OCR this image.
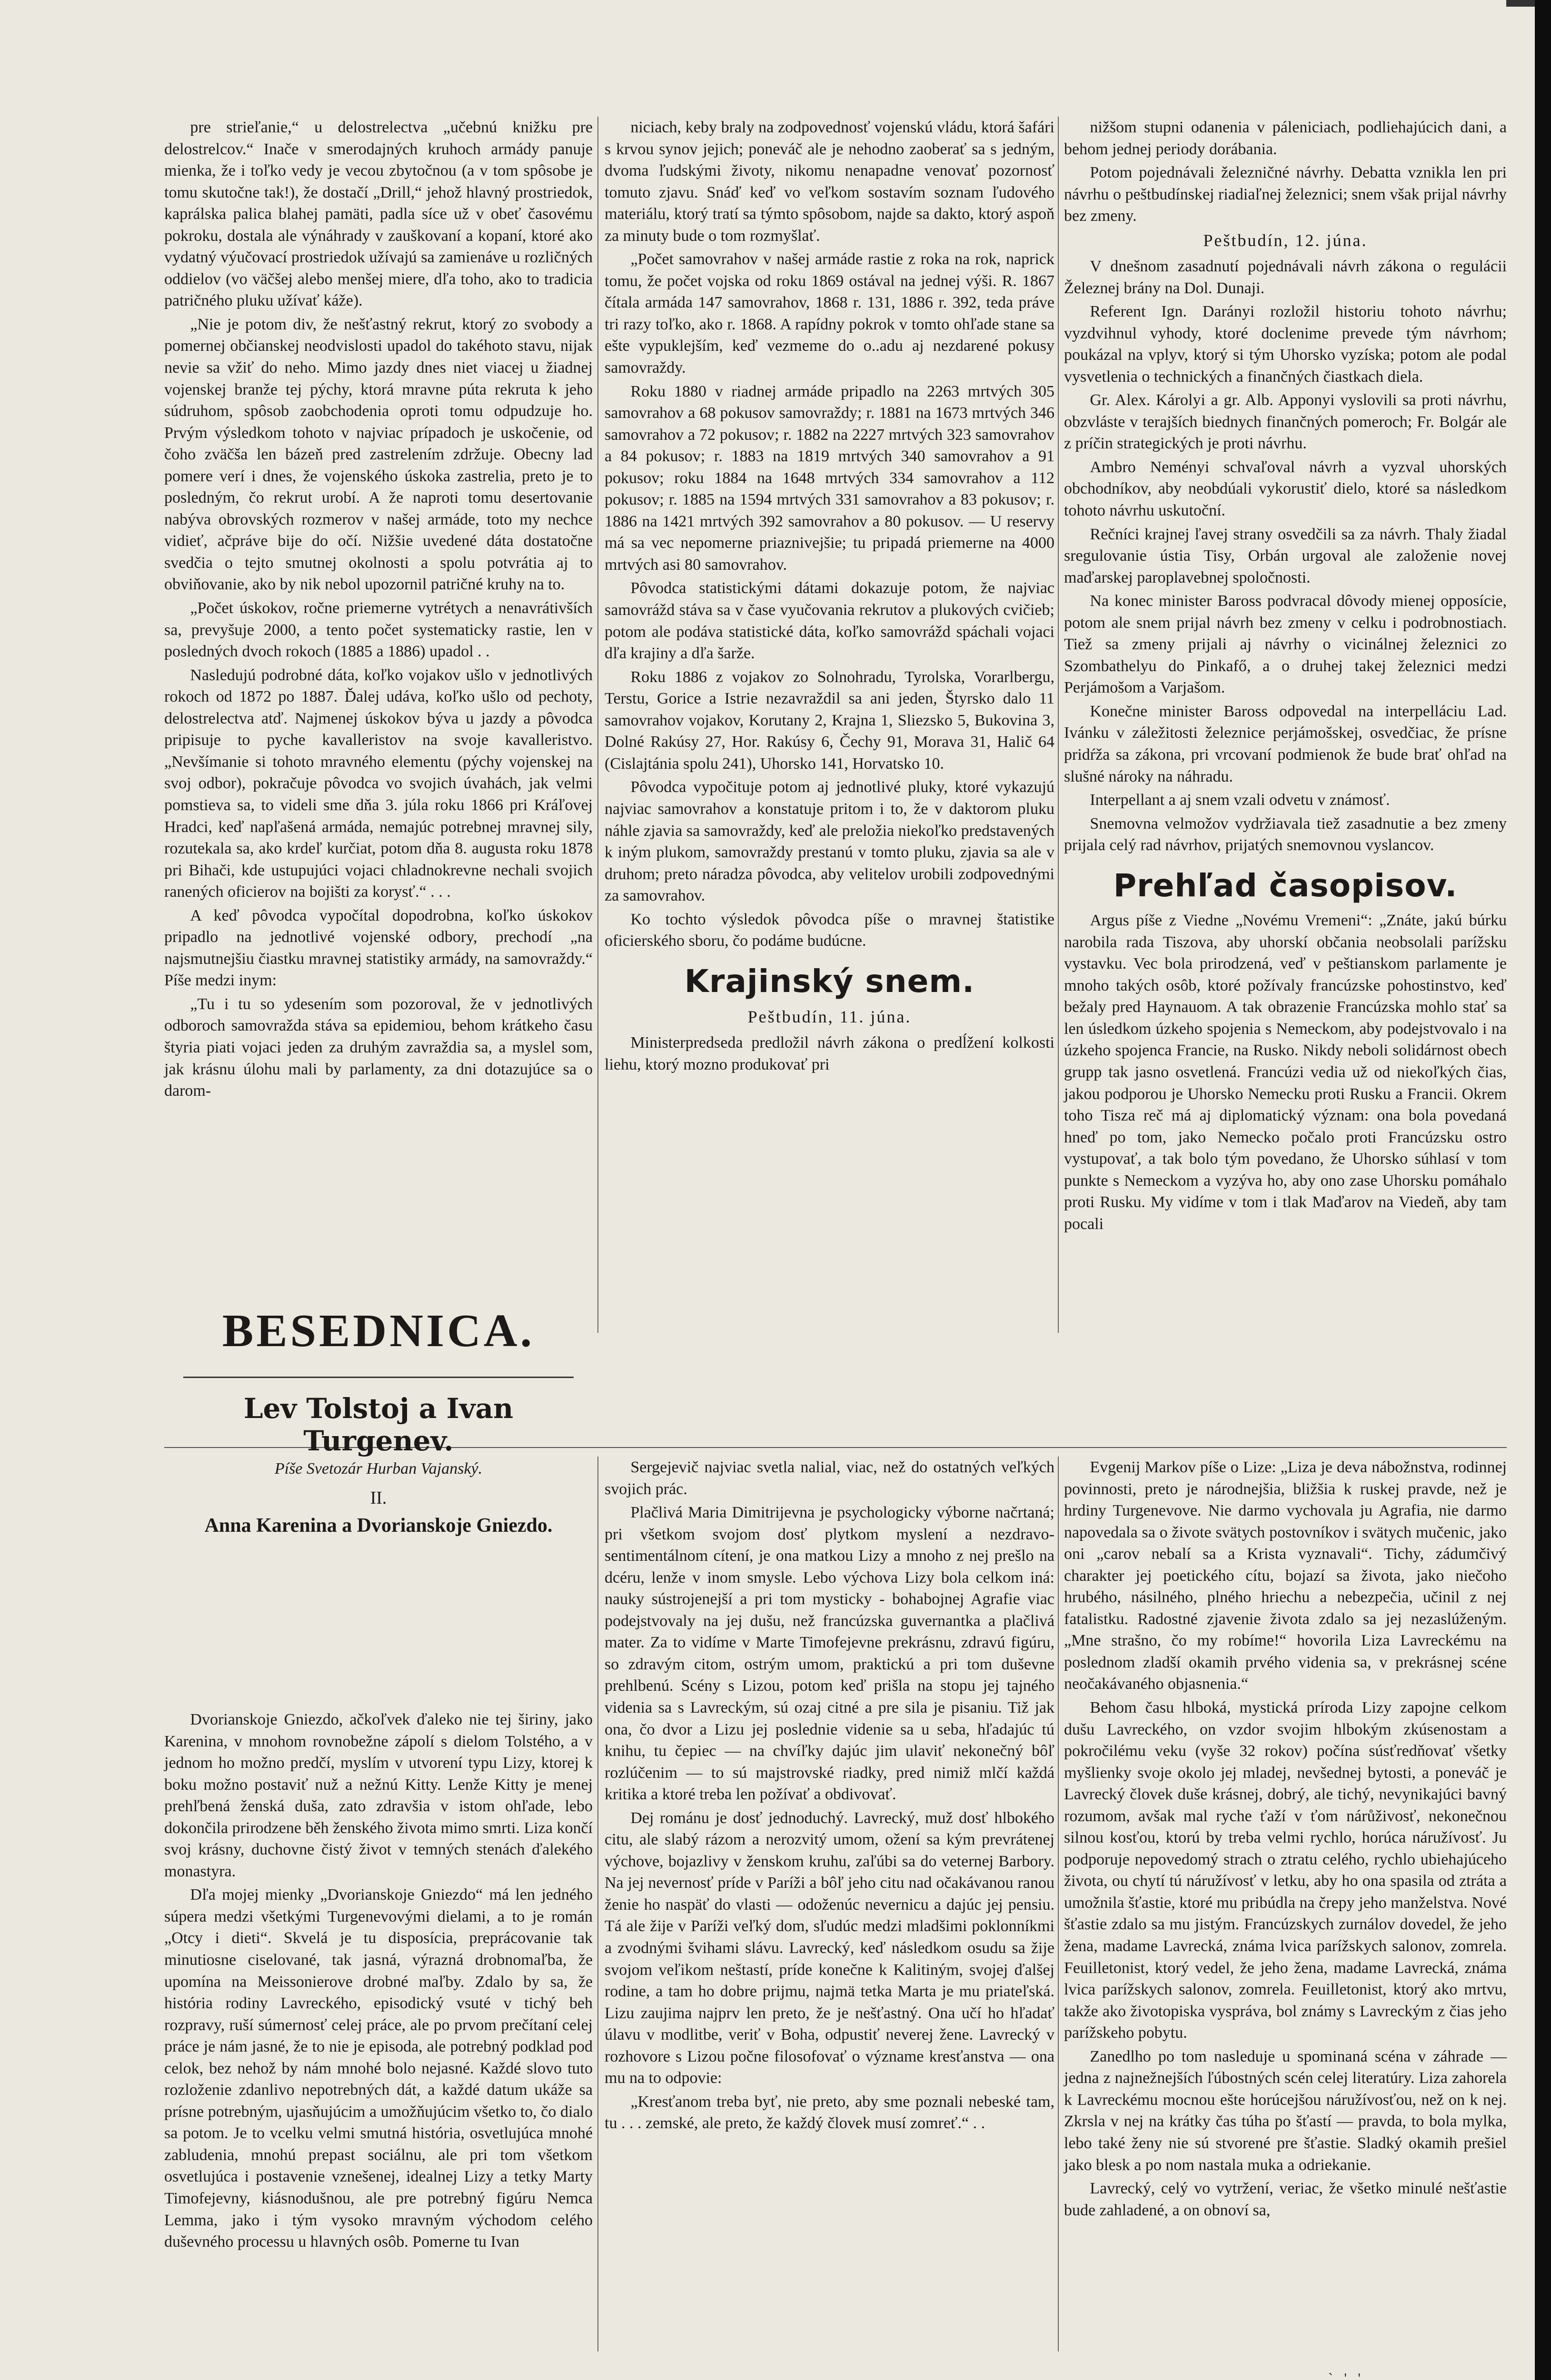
pre strieľanie,“ u delostrelectva „učebnú knižku pre delostrelcov.“ Inače v smerodajných kruhoch armády panuje mienka, že i toľko vedy je vecou zbytočnou (a v tom spôsobe je tomu skutočne tak!), že dostačí „Drill,“ jehož hlavný prostriedok, kaprálska palica blahej pamäti, padla síce už v obeť časovému pokroku, dostala ale výnáhrady v zauškovaní a kopaní, ktoré ako vydatný výučovací prostriedok užívajú sa zamienáve u rozličných oddielov (vo väčšej alebo menšej miere, dľa toho, ako to tradicia patričného pluku užívať káže).

„Nie je potom div, že nešťastný rekrut, ktorý zo svobody a pomernej občianskej neodvislosti upadol do takéhoto stavu, nijak nevie sa vžiť do neho. Mimo jazdy dnes niet viacej u žiadnej vojenskej branže tej pýchy, ktorá mravne púta rekruta k jeho súdruhom, spôsob zaobchodenia oproti tomu odpudzuje ho. Prvým výsledkom tohoto v najviac prípadoch je uskočenie, od čoho zväčša len bázeň pred zastrelením zdržuje. Obecny lad pomere verí i dnes, že vojenského úskoka zastrelia, preto je to posledným, čo rekrut urobí. A že naproti tomu desertovanie nabýva obrovských rozmerov v našej armáde, toto my nechce vidieť, ačpráve bije do očí. Nižšie uvedené dáta dostatočne svedčia o tejto smutnej okolnosti a spolu potvrátia aj to obviňovanie, ako by nik nebol upozornil patričné kruhy na to.

„Počet úskokov, ročne priemerne vytrétych a nenavrátivších sa, prevyšuje 2000, a tento počet systematicky rastie, len v posledných dvoch rokoch (1885 a 1886) upadol . .

Nasledujú podrobné dáta, koľko vojakov ušlo v jednotlivých rokoch od 1872 po 1887. Ďalej udáva, koľko ušlo od pechoty, delostrelectva atď. Najmenej úskokov býva u jazdy a pôvodca pripisuje to pyche kavalleristov na svoje kavalleristvo. „Nevšímanie si tohoto mravného elementu (pýchy vojenskej na svoj odbor), pokračuje pôvodca vo svojich úvahách, jak velmi pomstieva sa, to videli sme dňa 3. júla roku 1866 pri Kráľovej Hradci, keď napľašená armáda, nemajúc potrebnej mravnej sily, rozutekala sa, ako krdeľ kurčiat, potom dňa 8. augusta roku 1878 pri Bihači, kde ustupujúci vojaci chladnokrevne nechali svojich ranených oficierov na bojišti za korysť.“ . . .

A keď pôvodca vypočítal dopodrobna, koľko úskokov pripadlo na jednotlivé vojenské odbory, prechodí „na najsmutnejšiu čiastku mravnej statistiky armády, na samovraždy.“ Píše medzi inym:

„Tu i tu so ydesením som pozoroval, že v jednotlivých odboroch samovražda stáva sa epidemiou, behom krátkeho času štyria piati vojaci jeden za druhým zavraždia sa, a myslel som, jak krásnu úlohu mali by parlamenty, za dni dotazujúce sa o darom-

niciach, keby braly na zodpovednosť vojenskú vládu, ktorá šafári s krvou synov jejich; poneváč ale je nehodno zaoberať sa s jedným, dvoma ľudskými životy, nikomu nenapadne venovať pozornosť tomuto zjavu. Snáď keď vo veľkom sostavím soznam ľudového materiálu, ktorý tratí sa týmto spôsobom, najde sa dakto, ktorý aspoň za minuty bude o tom rozmyšlať.

„Počet samovrahov v našej armáde rastie z roka na rok, naprick tomu, že počet vojska od roku 1869 ostával na jednej výši. R. 1867 čítala armáda 147 samovrahov, 1868 r. 131, 1886 r. 392, teda práve tri razy toľko, ako r. 1868. A rapídny pokrok v tomto ohľade stane sa ešte vypuklejším, keď vezmeme do o..adu aj nezdarené pokusy samovraždy.

Roku 1880 v riadnej armáde pripadlo na 2263 mrtvých 305 samovrahov a 68 pokusov samovraždy; r. 1881 na 1673 mrtvých 346 samovrahov a 72 pokusov; r. 1882 na 2227 mrtvých 323 samovrahov a 84 pokusov; r. 1883 na 1819 mrtvých 340 samovrahov a 91 pokusov; roku 1884 na 1648 mrtvých 334 samovrahov a 112 pokusov; r. 1885 na 1594 mrtvých 331 samovrahov a 83 pokusov; r. 1886 na 1421 mrtvých 392 samovrahov a 80 pokusov. — U reservy má sa vec nepomerne priaznivejšie; tu pripadá priemerne na 4000 mrtvých asi 80 samovrahov.

Pôvodca statistickými dátami dokazuje potom, že najviac samovrážd stáva sa v čase vyučovania rekrutov a plukových cvičieb; potom ale podáva statistické dáta, koľko samovrážd spáchali vojaci dľa krajiny a dľa šarže.

Roku 1886 z vojakov zo Solnohradu, Tyrolska, Vorarlbergu, Terstu, Gorice a Istrie nezavraždil sa ani jeden, Štyrsko dalo 11 samovrahov vojakov, Korutany 2, Krajna 1, Sliezsko 5, Bukovina 3, Dolné Rakúsy 27, Hor. Rakúsy 6, Čechy 91, Morava 31, Halič 64 (Cislajtánia spolu 241), Uhorsko 141, Horvatsko 10.

Pôvodca vypočituje potom aj jednotlivé pluky, ktoré vykazujú najviac samovrahov a konstatuje pritom i to, že v daktorom pluku náhle zjavia sa samovraždy, keď ale preložia niekoľko predstavených k iným plukom, samovraždy prestanú v tomto pluku, zjavia sa ale v druhom; preto náradza pôvodca, aby velitelov urobili zodpovednými za samovrahov.

Ko tochto výsledok pôvodca píše o mravnej štatistike oficierského sboru, čo podáme budúcne.

Krajinský snem.
Peštbudín, 11. júna.

Ministerpredseda predložil návrh zákona o predĺžení kolkosti liehu, ktorý mozno produkovať pri

nižšom stupni odanenia v páleniciach, podliehajúcich dani, a behom jednej periody dorábania.

Potom pojednávali železničné návrhy. Debatta vznikla len pri návrhu o peštbudínskej riadiaľnej železnici; snem však prijal návrhy bez zmeny.

Peštbudín, 12. júna.

V dnešnom zasadnutí pojednávali návrh zákona o regulácii Železnej brány na Dol. Dunaji.

Referent Ign. Darányi rozložil historiu tohoto návrhu; vyzdvihnul vyhody, ktoré doclenime prevede tým návrhom; poukázal na vplyv, ktorý si tým Uhorsko vyzíska; potom ale podal vysvetlenia o technických a finančných čiastkach diela.

Gr. Alex. Károlyi a gr. Alb. Apponyi vyslovili sa proti návrhu, obzvláste v terajších biednych finančných pomeroch; Fr. Bolgár ale z príčin strategických je proti návrhu.

Ambro Neményi schvaľoval návrh a vyzval uhorských obchodníkov, aby neobdúali vykorustiť dielo, ktoré sa následkom tohoto návrhu uskutoční.

Rečníci krajnej ľavej strany osvedčili sa za návrh. Thaly žiadal sregulovanie ústia Tisy, Orbán urgoval ale založenie novej maďarskej paroplavebnej spoločnosti.

Na konec minister Baross podvracal dôvody mienej opposície, potom ale snem prijal návrh bez zmeny v celku i podrobnostiach. Tiež sa zmeny prijali aj návrhy o vicinálnej železnici zo Szombathelyu do Pinkafő, a o druhej takej železnici medzi Perjámošom a Varjašom.

Konečne minister Baross odpovedal na interpelláciu Lad. Ivánku v záležitosti železnice perjámošskej, osvedčiac, že prísne pridŕža sa zákona, pri vrcovaní podmienok že bude brať ohľad na slušné nároky na náhradu.

Interpellant a aj snem vzali odvetu v známosť.

Snemovna velmožov vydržiavala tiež zasadnutie a bez zmeny prijala celý rad návrhov, prijatých snemovnou vyslancov.

Prehľad časopisov.

Argus píše z Viedne „Novému Vremeni“: „Znáte, jakú búrku narobila rada Tiszova, aby uhorskí občania neobsolali parížsku vystavku. Vec bola prirodzená, veď v peštianskom parlamente je mnoho takých osôb, ktoré požívaly francúzske pohostinstvo, keď bežaly pred Haynauom. A tak obrazenie Francúzska mohlo stať sa len úsledkom úzkeho spojenia s Nemeckom, aby podejstvovalo i na úzkeho spojenca Francie, na Rusko. Nikdy neboli solidárnost obech grupp tak jasno osvetlená. Francúzi vedia už od niekoľkých čias, jakou podporou je Uhorsko Nemecku proti Rusku a Francii. Okrem toho Tisza reč má aj diplomatický význam: ona bola povedaná hneď po tom, jako Nemecko počalo proti Francúzsku ostro vystupovať, a tak bolo tým povedano, že Uhorsko súhlasí v tom punkte s Nemeckom a vyzýva ho, aby ono zase Uhorsku pomáhalo proti Rusku. My vidíme v tom i tlak Maďarov na Viedeň, aby tam pocali

BESEDNICA.
Lev Tolstoj a Ivan Turgenev.

Píše Svetozár Hurban Vajanský.

II.
Anna Karenina a Dvorianskoje Gniezdo.

Dvorianskoje Gniezdo, ačkoľvek ďaleko nie tej širiny, jako Karenina, v mnohom rovnobežne zápolí s dielom Tolstého, a v jednom ho možno predčí, myslím v utvorení typu Lizy, ktorej k boku možno postaviť nuž a nežnú Kitty. Lenže Kitty je menej prehľbená ženská duša, zato zdravšia v istom ohľade, lebo dokončila prirodzene běh ženského života mimo smrti. Liza končí svoj krásny, duchovne čistý život v temných stenách ďalekého monastyra.

Dľa mojej mienky „Dvorianskoje Gniezdo“ má len jedného súpera medzi všetkými Turgenevovými dielami, a to je román „Otcy i dieti“. Skvelá je tu disposícia, preprácovanie tak minutiosne ciselované, tak jasná, výrazná drobnomaľba, že upomína na Meissonierove drobné maľby. Zdalo by sa, že história rodiny Lavreckého, episodický vsuté v tichý beh rozpravy, ruší súmernosť celej práce, ale po prvom prečítaní celej práce je nám jasné, že to nie je episoda, ale potrebný podklad pod celok, bez nehož by nám mnohé bolo nejasné. Každé slovo tuto rozloženie zdanlivo nepotrebných dát, a každé datum ukáže sa prísne potrebným, ujasňujúcim a umožňujúcim všetko to, čo dialo sa potom. Je to vcelku velmi smutná história, osvetlujúca mnohé zabludenia, mnohú prepast sociálnu, ale pri tom všetkom osvetlujúca i postavenie vznešenej, idealnej Lizy a tetky Marty Timofejevny, kiásnodušnou, ale pre potrebný figúru Nemca Lemma, jako i tým vysoko mravným východom celého duševného processu u hlavných osôb. Pomerne tu Ivan

Sergejevič najviac svetla nalial, viac, než do ostatných veľkých svojich prác.

Plačlivá Maria Dimitrijevna je psychologicky výborne načrtaná; pri všetkom svojom dosť plytkom myslení a nezdravo-sentimentálnom cítení, je ona matkou Lizy a mnoho z nej prešlo na dcéru, lenže v inom smysle. Lebo výchova Lizy bola celkom iná: nauky sústrojenejší a pri tom mysticky - bohabojnej Agrafie viac podejstvovaly na jej dušu, než francúzska guvernantka a plačlivá mater. Za to vidíme v Marte Timofejevne prekrásnu, zdravú figúru, so zdravým citom, ostrým umom, praktickú a pri tom duševne prehlbenú. Scény s Lizou, potom keď prišla na stopu jej tajného videnia sa s Lavreckým, sú ozaj citné a pre sila je pisaniu. Tiž jak ona, čo dvor a Lizu jej poslednie videnie sa u seba, hľadajúc tú knihu, tu čepiec — na chvíľky dajúc jim ulaviť nekonečný bôľ rozlúčenim — to sú majstrovské riadky, pred nimiž mlčí každá kritika a ktoré treba len požívať a obdivovať.

Dej románu je dosť jednoduchý. Lavrecký, muž dosť hlbokého citu, ale slabý rázom a nerozvitý umom, ožení sa kým prevrátenej výchove, bojazlivy v ženskom kruhu, zaľúbi sa do veternej Barbory. Na jej nevernosť príde v Paríži a bôľ jeho citu nad očakávanou ranou ženie ho naspäť do vlasti — odoženúc nevernicu a dajúc jej pensiu. Tá ale žije v Paríži veľký dom, sľudúc medzi mladšimi poklonníkmi a zvodnými švihami slávu. Lavrecký, keď následkom osudu sa žije svojom veľikom neštastí, príde konečne k Kalitiným, svojej ďalšej rodine, a tam ho dobre prijmu, najmä tetka Marta je mu priateľská. Lizu zaujima najprv len preto, že je nešťastný. Ona učí ho hľadať úlavu v modlitbe, veriť v Boha, odpustiť neverej žene. Lavrecký v rozhovore s Lizou počne filosofovať o význame kresťanstva — ona mu na to odpovie:

„Kresťanom treba byť, nie preto, aby sme poznali nebeské tam, tu . . . zemské, ale preto, že každý človek musí zomreť.“ . .

Evgenij Markov píše o Lize: „Liza je deva nábožnstva, rodinnej povinnosti, preto je národnejšia, bližšia k ruskej pravde, než je hrdiny Turgenevove. Nie darmo vychovala ju Agrafia, nie darmo napovedala sa o živote svätych postovníkov i svätych mučenic, jako oni „carov nebalí sa a Krista vyznavali“. Tichy, zádumčivý charakter jej poetického cítu, bojazí sa života, jako niečoho hrubého, násilného, plného hriechu a nebezpečia, učinil z nej fatalistku. Radostné zjavenie života zdalo sa jej nezaslúženým. „Mne strašno, čo my robíme!“ hovorila Liza Lavreckému na poslednom zladší okamih prvého videnia sa, v prekrásnej scéne neočakávaného objasnenia.“

Behom času hlboká, mystická príroda Lizy zapojne celkom dušu Lavreckého, on vzdor svojim hlbokým zkúsenostam a pokročilému veku (vyše 32 rokov) počína súsťredňovať všetky myšlienky svoje okolo jej mladej, nevšednej bytosti, a poneváč je Lavrecký človek duše krásnej, dobrý, ale tichý, nevynikajúci bavný rozumom, avšak mal ryche ťaží v ťom nárůživosť, nekonečnou silnou kosťou, ktorú by treba velmi rychlo, horúca náružívosť. Ju podporuje nepovedomý strach o ztratu celého, rychlo ubiehajúceho života, ou chytí tú náružívosť v letku, aby ho ona spasila od ztráta a umožnila šťastie, ktoré mu pribúdla na črepy jeho manželstva. Nové šťastie zdalo sa mu jistým. Francúzskych zurnálov dovedel, že jeho žena, madame Lavrecká, známa lvica parížskych salonov, zomrela. Feuilletonist, ktorý vedel, že jeho žena, madame Lavrecká, známa lvica parížskych salonov, zomrela. Feuilletonist, ktorý ako mrtvu, takže ako životopiska vyspráva, bol známy s Lavreckým z čias jeho parížskeho pobytu.

Zanedlho po tom nasleduje u spominaná scéna v záhrade — jedna z najnežnejších ľúbostných scén celej literatúry. Liza zahorela k Lavreckému mocnou ešte horúcejšou náružívosťou, než on k nej. Zkrsla v nej na krátky čas túha po šťastí — pravda, to bola mylka, lebo také ženy nie sú stvorené pre šťastie. Sladký okamih prešiel jako blesk a po nom nastala muka a odriekanie.

Lavrecký, celý vo vytržení, veriac, že všetko minulé nešťastie bude zahladené, a on obnoví sa,

` ' '
